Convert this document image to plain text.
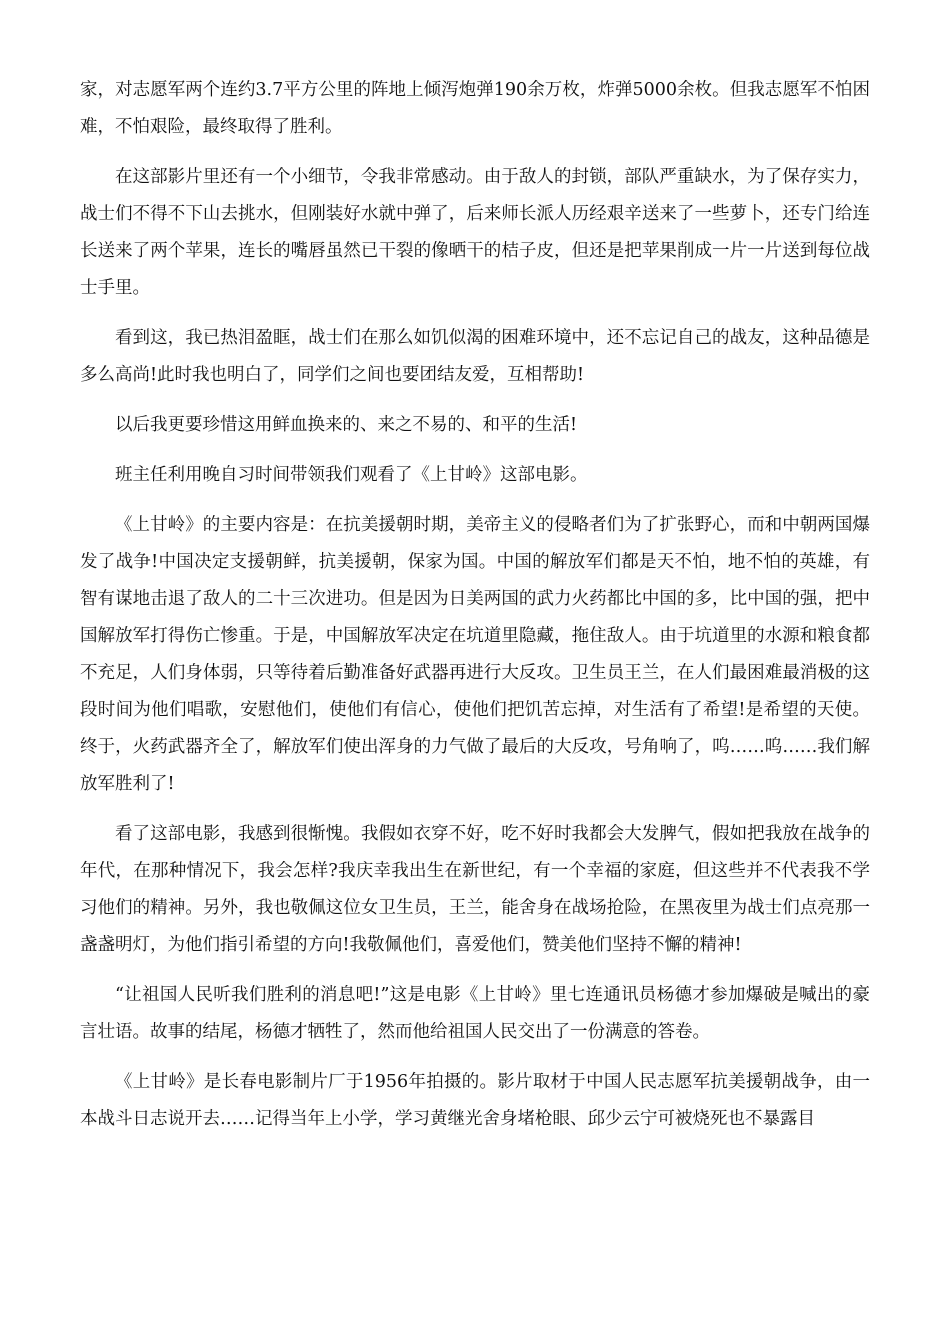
家，对志愿军两个连约3.7平方公里的阵地上倾泻炮弹190余万枚，炸弹5000余枚。但我志愿军不怕困难，不怕艰险，最终取得了胜利。

在这部影片里还有一个小细节，令我非常感动。由于敌人的封锁，部队严重缺水，为了保存实力，战士们不得不下山去挑水，但刚装好水就中弹了，后来师长派人历经艰辛送来了一些萝卜，还专门给连长送来了两个苹果，连长的嘴唇虽然已干裂的像晒干的桔子皮，但还是把苹果削成一片一片送到每位战士手里。

看到这，我已热泪盈眶，战士们在那么如饥似渴的困难环境中，还不忘记自己的战友，这种品德是多么高尚!此时我也明白了，同学们之间也要团结友爱，互相帮助!

以后我更要珍惜这用鲜血换来的、来之不易的、和平的生活!

班主任利用晚自习时间带领我们观看了《上甘岭》这部电影。

《上甘岭》的主要内容是：在抗美援朝时期，美帝主义的侵略者们为了扩张野心，而和中朝两国爆发了战争!中国决定支援朝鲜，抗美援朝，保家为国。中国的解放军们都是天不怕，地不怕的英雄，有智有谋地击退了敌人的二十三次进功。但是因为日美两国的武力火药都比中国的多，比中国的强，把中国解放军打得伤亡惨重。于是，中国解放军决定在坑道里隐藏，拖住敌人。由于坑道里的水源和粮食都不充足，人们身体弱，只等待着后勤准备好武器再进行大反攻。卫生员王兰，在人们最困难最消极的这段时间为他们唱歌，安慰他们，使他们有信心，使他们把饥苦忘掉，对生活有了希望!是希望的天使。终于，火药武器齐全了，解放军们使出浑身的力气做了最后的大反攻，号角响了，呜……呜……我们解放军胜利了!

看了这部电影，我感到很惭愧。我假如衣穿不好，吃不好时我都会大发脾气，假如把我放在战争的年代，在那种情况下，我会怎样?我庆幸我出生在新世纪，有一个幸福的家庭，但这些并不代表我不学习他们的精神。另外，我也敬佩这位女卫生员，王兰，能舍身在战场抢险，在黑夜里为战士们点亮那一盏盏明灯，为他们指引希望的方向!我敬佩他们，喜爱他们，赞美他们坚持不懈的精神!

“让祖国人民听我们胜利的消息吧!”这是电影《上甘岭》里七连通讯员杨德才参加爆破是喊出的豪言壮语。故事的结尾，杨德才牺牲了，然而他给祖国人民交出了一份满意的答卷。

《上甘岭》是长春电影制片厂于1956年拍摄的。影片取材于中国人民志愿军抗美援朝战争，由一本战斗日志说开去……记得当年上小学，学习黄继光舍身堵枪眼、邱少云宁可被烧死也不暴露目
